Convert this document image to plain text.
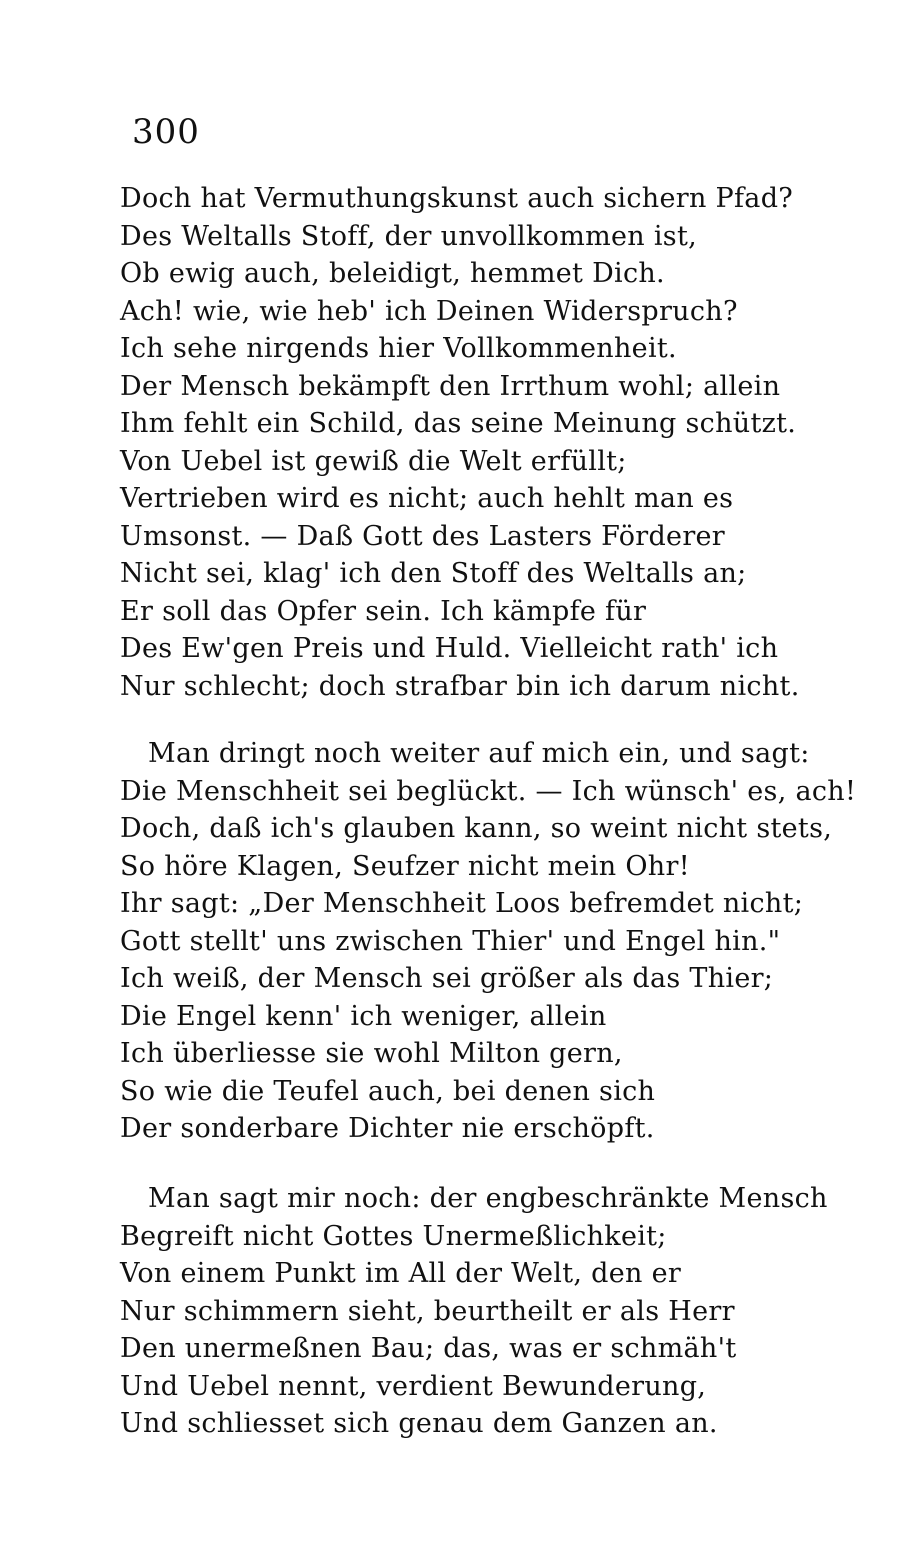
300
Doch hat Vermuthungskunst auch sichern Pfad?
Des Weltalls Stoff, der unvollkommen ist,
Ob ewig auch, beleidigt, hemmet Dich.
Ach! wie, wie heb' ich Deinen Widerspruch?
Ich sehe nirgends hier Vollkommenheit.
Der Mensch bekämpft den Irrthum wohl; allein
Ihm fehlt ein Schild, das seine Meinung schützt.
Von Uebel ist gewiß die Welt erfüllt;
Vertrieben wird es nicht; auch hehlt man es
Umsonst. — Daß Gott des Lasters Förderer
Nicht sei, klag' ich den Stoff des Weltalls an;
Er soll das Opfer sein. Ich kämpfe für
Des Ew'gen Preis und Huld. Vielleicht rath' ich
Nur schlecht; doch strafbar bin ich darum nicht.
Man dringt noch weiter auf mich ein, und sagt:
Die Menschheit sei beglückt. — Ich wünsch' es, ach!
Doch, daß ich's glauben kann, so weint nicht stets,
So höre Klagen, Seufzer nicht mein Ohr!
Ihr sagt: „Der Menschheit Loos befremdet nicht;
Gott stellt' uns zwischen Thier' und Engel hin."
Ich weiß, der Mensch sei größer als das Thier;
Die Engel kenn' ich weniger, allein
Ich überliesse sie wohl Milton gern,
So wie die Teufel auch, bei denen sich
Der sonderbare Dichter nie erschöpft.
Man sagt mir noch: der engbeschränkte Mensch
Begreift nicht Gottes Unermeßlichkeit;
Von einem Punkt im All der Welt, den er
Nur schimmern sieht, beurtheilt er als Herr
Den unermeßnen Bau; das, was er schmäh't
Und Uebel nennt, verdient Bewunderung,
Und schliesset sich genau dem Ganzen an.
